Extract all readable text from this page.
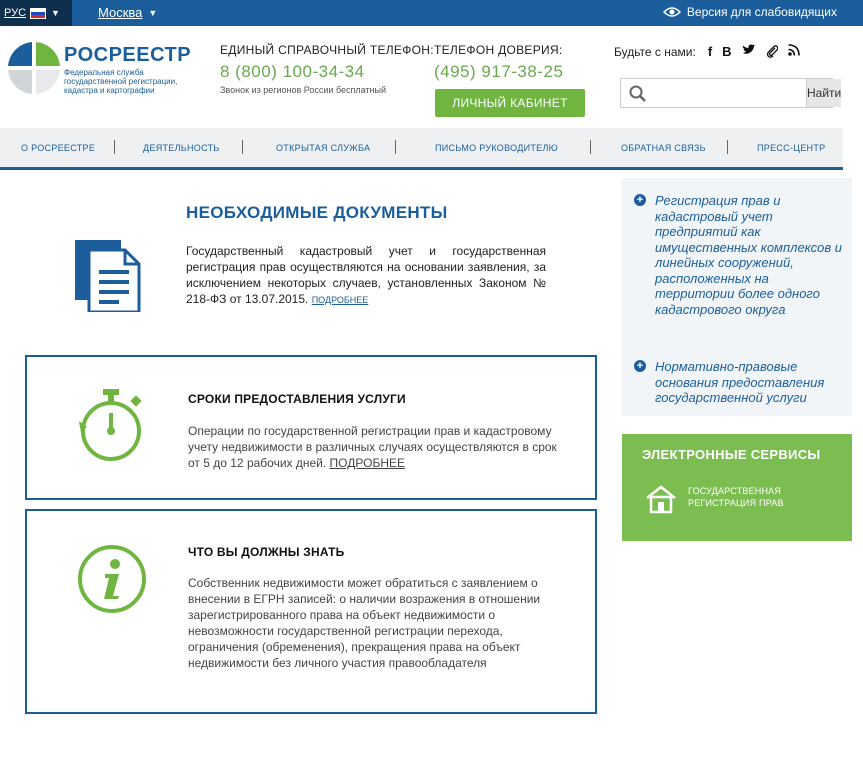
РУС	▼	Москва ▼	Версия для слабовидящих
РОСРЕЕСТР
Федеральная служба государственной регистрации, кадастра и картографии
ЕДИНЫЙ СПРАВОЧНЫЙ ТЕЛЕФОН:
8 (800) 100-34-34
Звонок из регионов России бесплатный
ТЕЛЕФОН ДОВЕРИЯ:
(495) 917-38-25
ЛИЧНЫЙ КАБИНЕТ
Будьте с нами: f B
Найти
О РОСРЕЕСТРЕ	ДЕЯТЕЛЬНОСТЬ	ОТКРЫТАЯ СЛУЖБА	ПИСЬМО РУКОВОДИТЕЛЮ	ОБРАТНАЯ СВЯЗЬ	ПРЕСС-ЦЕНТР
НЕОБХОДИМЫЕ ДОКУМЕНТЫ
Государственный кадастровый учет и государственная регистрация прав осуществляются на основании заявления, за исключением некоторых случаев, установленных Законом № 218-ФЗ от 13.07.2015. ПОДРОБНЕЕ
СРОКИ ПРЕДОСТАВЛЕНИЯ УСЛУГИ
Операции по государственной регистрации прав и кадастровому учету недвижимости в различных случаях осуществляются в срок от 5 до 12 рабочих дней. ПОДРОБНЕЕ
ЧТО ВЫ ДОЛЖНЫ ЗНАТЬ
Собственник недвижимости может обратиться с заявлением о внесении в ЕГРН записей: о наличии возражения в отношении зарегистрированного права на объект недвижимости о невозможности государственной регистрации перехода, ограничения (обременения), прекращения права на объект недвижимости без личного участия правообладателя
+ Регистрация прав и кадастровый учет предприятий как имущественных комплексов и линейных сооружений, расположенных на территории более одного кадастрового округа
+ Нормативно-правовые основания предоставления государственной услуги
ЭЛЕКТРОННЫЕ СЕРВИСЫ
ГОСУДАРСТВЕННАЯ РЕГИСТРАЦИЯ ПРАВ
